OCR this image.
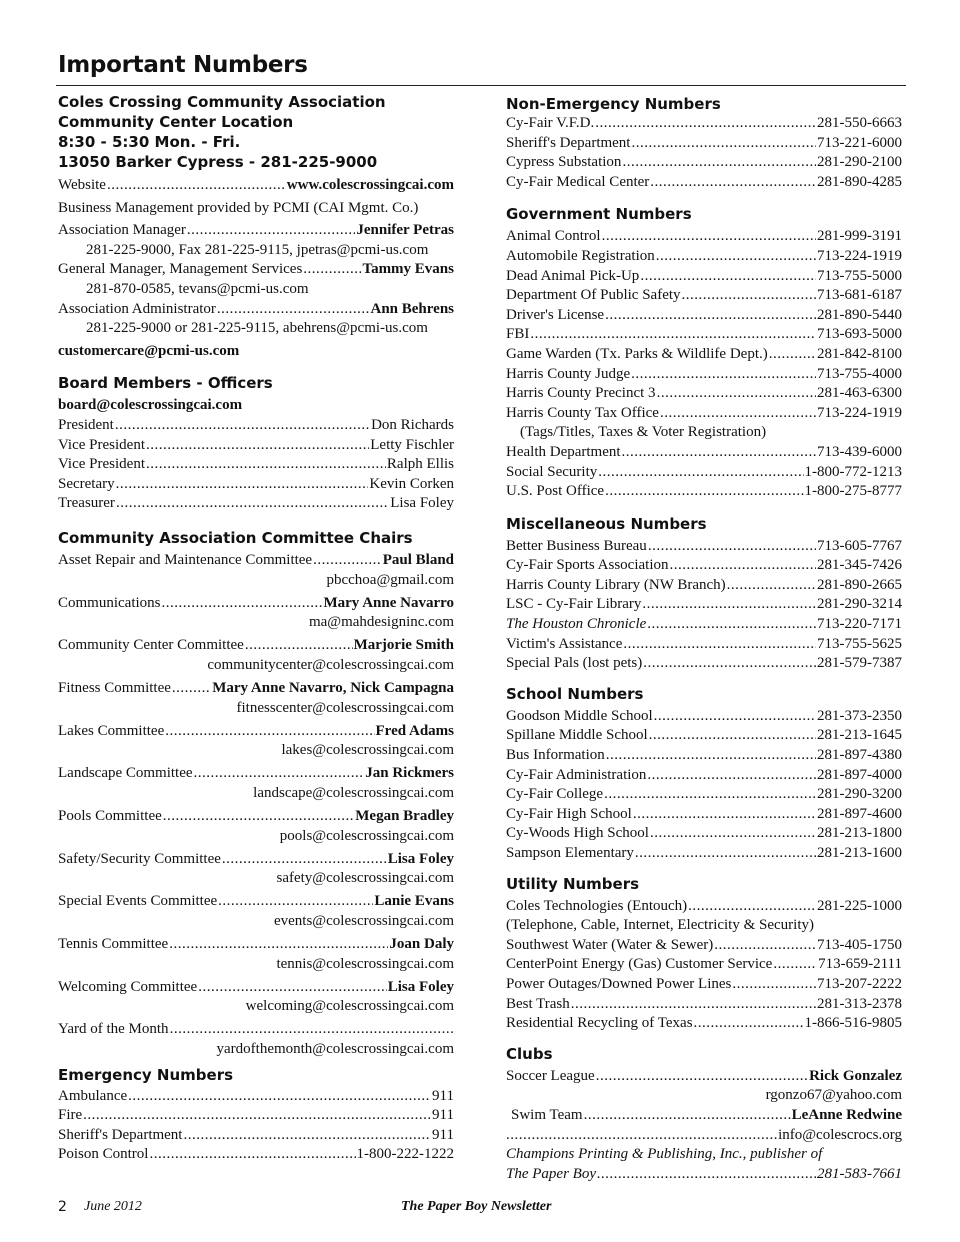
Important Numbers

Coles Crossing Community Association

Community Center Location

8:30 - 5:30 Mon. - Fri.

13050 Barker Cypress - 281-225-9000

Website .....	www.colescrossingcai.com
Business Management provided by PCMI (CAI Mgmt. Co.)
Association Manager .....	Jennifer Petras
281-225-9000, Fax 281-225-9115, jpetras@pcmi-us.com
General Manager, Management Services .....	Tammy Evans
281-870-0585, tevans@pcmi-us.com
Association Administrator .....	Ann Behrens
281-225-9000 or 281-225-9115, abehrens@pcmi-us.com
customercare@pcmi-us.com

Board Members - Officers

board@colescrossingcai.com
President .....	Don Richards
Vice President .....	Letty Fischler
Vice President .....	Ralph Ellis
Secretary .....	Kevin Corken
Treasurer .....	Lisa Foley

Community Association Committee Chairs

Asset Repair and Maintenance Committee .....	Paul Bland
pbcchoa@gmail.com
Communications .....	Mary Anne Navarro
ma@mahdesigninc.com
Community Center Committee .....	Marjorie Smith
communitycenter@colescrossingcai.com
Fitness Committee .....	Mary Anne Navarro, Nick Campagna
fitnesscenter@colescrossingcai.com
Lakes Committee .....	Fred Adams
lakes@colescrossingcai.com
Landscape Committee .....	Jan Rickmers
landscape@colescrossingcai.com
Pools Committee .....	Megan Bradley
pools@colescrossingcai.com
Safety/Security Committee .....	Lisa Foley
safety@colescrossingcai.com
Special Events Committee .....	Lanie Evans
events@colescrossingcai.com
Tennis Committee .....	Joan Daly
tennis@colescrossingcai.com
Welcoming Committee .....	Lisa Foley
welcoming@colescrossingcai.com
Yard of the Month
.....
yardofthemonth@colescrossingcai.com

Emergency Numbers

Ambulance .....	911
Fire .....	911
Sheriff's Department .....	911
Poison Control .....	1-800-222-1222

Non-Emergency Numbers

Cy-Fair V.F.D. .....	281-550-6663
Sheriff's Department .....	713-221-6000
Cypress Substation .....	281-290-2100
Cy-Fair Medical Center .....	281-890-4285

Government Numbers

Animal Control .....	281-999-3191
Automobile Registration .....	713-224-1919
Dead Animal Pick-Up .....	713-755-5000
Department Of Public Safety .....	713-681-6187
Driver's License .....	281-890-5440
FBI .....	713-693-5000
Game Warden (Tx. Parks & Wildlife Dept.) .....	281-842-8100
Harris County Judge .....	713-755-4000
Harris County Precinct 3 .....	281-463-6300
Harris County Tax Office .....	713-224-1919
(Tags/Titles, Taxes & Voter Registration)
Health Department .....	713-439-6000
Social Security .....	1-800-772-1213
U.S. Post Office .....	1-800-275-8777

Miscellaneous Numbers

Better Business Bureau .....	713-605-7767
Cy-Fair Sports Association .....	281-345-7426
Harris County Library (NW Branch) .....	281-890-2665
LSC - Cy-Fair Library .....	281-290-3214
The Houston Chronicle .....	713-220-7171
Victim's Assistance .....	713-755-5625
Special Pals (lost pets) .....	281-579-7387

School Numbers

Goodson Middle School .....	281-373-2350
Spillane Middle School .....	281-213-1645
Bus Information .....	281-897-4380
Cy-Fair Administration .....	281-897-4000
Cy-Fair College .....	281-290-3200
Cy-Fair High School .....	281-897-4600
Cy-Woods High School .....	281-213-1800
Sampson Elementary .....	281-213-1600

Utility Numbers

Coles Technologies (Entouch) .....	281-225-1000
(Telephone, Cable, Internet, Electricity & Security)
Southwest Water (Water & Sewer) .....	713-405-1750
CenterPoint Energy (Gas) Customer Service .....	713-659-2111
Power Outages/Downed Power Lines .....	713-207-2222
Best Trash .....	281-313-2378
Residential Recycling of Texas .....	1-866-516-9805

Clubs

Soccer League .....	Rick Gonzalez
rgonzo67@yahoo.com
Swim Team .....	LeAnne Redwine
.....
info@colescrocs.org
Champions Printing & Publishing, Inc., publisher of
The Paper Boy .....	281-583-7661
2 June 2012	The Paper Boy Newsletter
